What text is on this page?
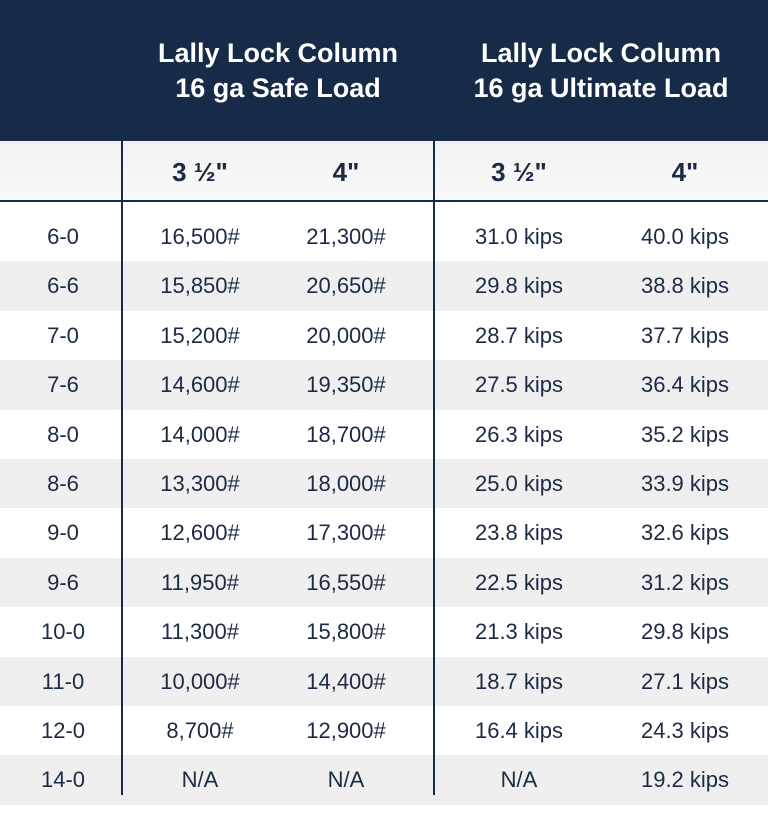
Lally Lock Column
16 ga Safe Load
Lally Lock Column
16 ga Ultimate Load
3 ½"	4"	3 ½"	4"
6-0	16,500#	21,300#	31.0 kips	40.0 kips
6-6	15,850#	20,650#	29.8 kips	38.8 kips
7-0	15,200#	20,000#	28.7 kips	37.7 kips
7-6	14,600#	19,350#	27.5 kips	36.4 kips
8-0	14,000#	18,700#	26.3 kips	35.2 kips
8-6	13,300#	18,000#	25.0 kips	33.9 kips
9-0	12,600#	17,300#	23.8 kips	32.6 kips
9-6	11,950#	16,550#	22.5 kips	31.2 kips
10-0	11,300#	15,800#	21.3 kips	29.8 kips
11-0	10,000#	14,400#	18.7 kips	27.1 kips
12-0	8,700#	12,900#	16.4 kips	24.3 kips
14-0	N/A	N/A	N/A	19.2 kips
